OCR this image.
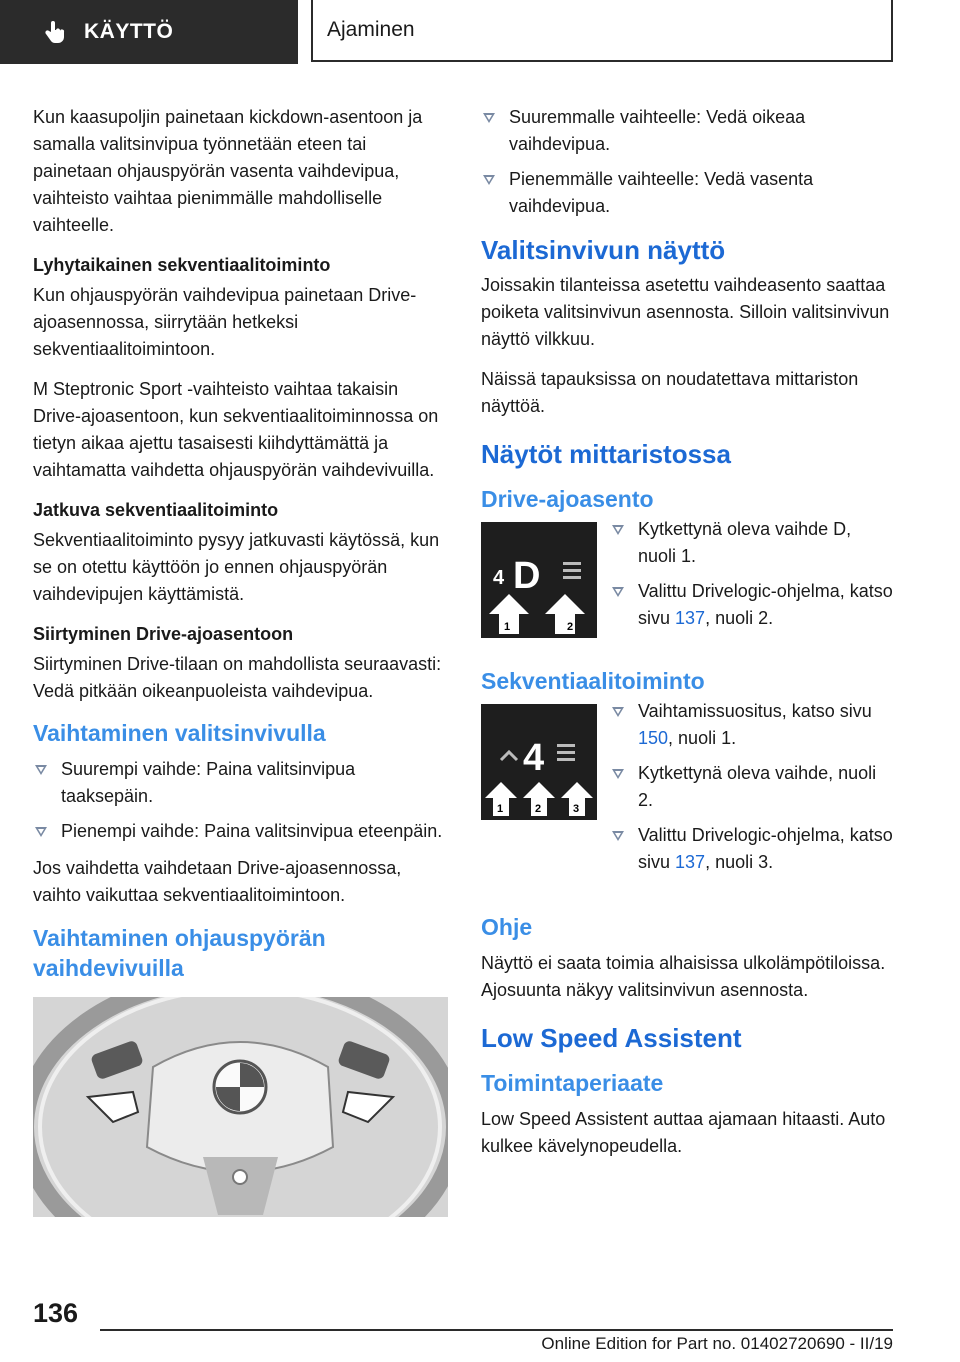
KÄYTTÖ	Ajaminen

Kun kaasupoljin painetaan kickdown-asentoon ja samalla valitsinvipua työnnetään eteen tai painetaan ohjauspyörän vasenta vaihdevipua, vaihteisto vaihtaa pienimmälle mahdolliselle vaihteelle.

Lyhytaikainen sekventiaalitoiminto

Kun ohjauspyörän vaihdevipua painetaan Drive-ajoasennossa, siirrytään hetkeksi sekventiaalitoimintoon.

M Steptronic Sport -vaihteisto vaihtaa takaisin Drive-ajoasentoon, kun sekventiaalitoiminnossa on tietyn aikaa ajettu tasaisesti kiihdyttämättä ja vaihtamatta vaihdetta ohjauspyörän vaihdevivuilla.

Jatkuva sekventiaalitoiminto

Sekventiaalitoiminto pysyy jatkuvasti käytössä, kun se on otettu käyttöön jo ennen ohjauspyörän vaihdevipujen käyttämistä.

Siirtyminen Drive-ajoasentoon

Siirtyminen Drive-tilaan on mahdollista seuraavasti: Vedä pitkään oikeanpuoleista vaihdevipua.

Vaihtaminen valitsinvivulla
Suurempi vaihde: Paina valitsinvipua taaksepäin.
Pienempi vaihde: Paina valitsinvipua eteenpäin.

Jos vaihdetta vaihdetaan Drive-ajoasennossa, vaihto vaikuttaa sekventiaalitoimintoon.

Vaihtaminen ohjauspyörän vaihdevivuilla
Suuremmalle vaihteelle: Vedä oikeaa vaihdevipua.
Pienemmälle vaihteelle: Vedä vasenta vaihdevipua.
Valitsinvivun näyttö

Joissakin tilanteissa asetettu vaihdeasento saattaa poiketa valitsinvivun asennosta. Silloin valitsinvivun näyttö vilkkuu.

Näissä tapauksissa on noudatettava mittariston näyttöä.

Näytöt mittaristossa
Drive-ajoasento
4 D
1	2
Kytkettynä oleva vaihde D, nuoli 1.
Valittu Drivelogic-ohjelma, katso sivu 137, nuoli 2.
Sekventiaalitoiminto
4
1	2	3
Vaihtamissuositus, katso sivu 150, nuoli 1.
Kytkettynä oleva vaihde, nuoli 2.
Valittu Drivelogic-ohjelma, katso sivu 137, nuoli 3.
Ohje

Näyttö ei saata toimia alhaisissa ulkolämpötiloissa. Ajosuunta näkyy valitsinvivun asennosta.

Low Speed Assistent
Toimintaperiaate

Low Speed Assistent auttaa ajamaan hitaasti. Auto kulkee kävelynopeudella.

136
Online Edition for Part no. 01402720690 - II/19
